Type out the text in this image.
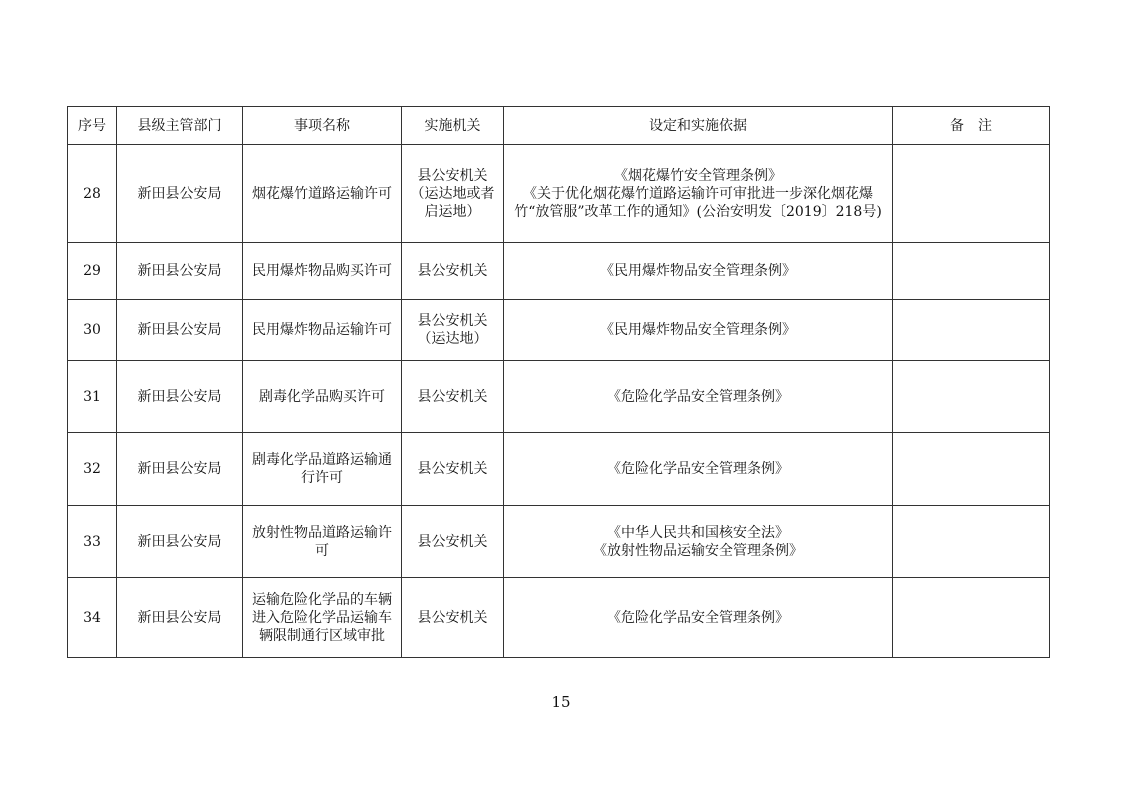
序号	县级主管部门	事项名称	实施机关	设定和实施依据	备　注
28	新田县公安局	烟花爆竹道路运输许可	县公安机关（运达地或者启运地）	《烟花爆竹安全管理条例》
《关于优化烟花爆竹道路运输许可审批进一步深化烟花爆竹“放管服”改革工作的通知》(公治安明发〔2019〕218号)	

29	新田县公安局	民用爆炸物品购买许可	县公安机关	《民用爆炸物品安全管理条例》	

30	新田县公安局	民用爆炸物品运输许可	县公安机关（运达地）	《民用爆炸物品安全管理条例》	

31	新田县公安局	剧毒化学品购买许可	县公安机关	《危险化学品安全管理条例》	

32	新田县公安局	剧毒化学品道路运输通行许可	县公安机关	《危险化学品安全管理条例》	

33	新田县公安局	放射性物品道路运输许可	县公安机关	《中华人民共和国核安全法》
《放射性物品运输安全管理条例》	

34	新田县公安局	运输危险化学品的车辆进入危险化学品运输车辆限制通行区域审批	县公安机关	《危险化学品安全管理条例》	

15
